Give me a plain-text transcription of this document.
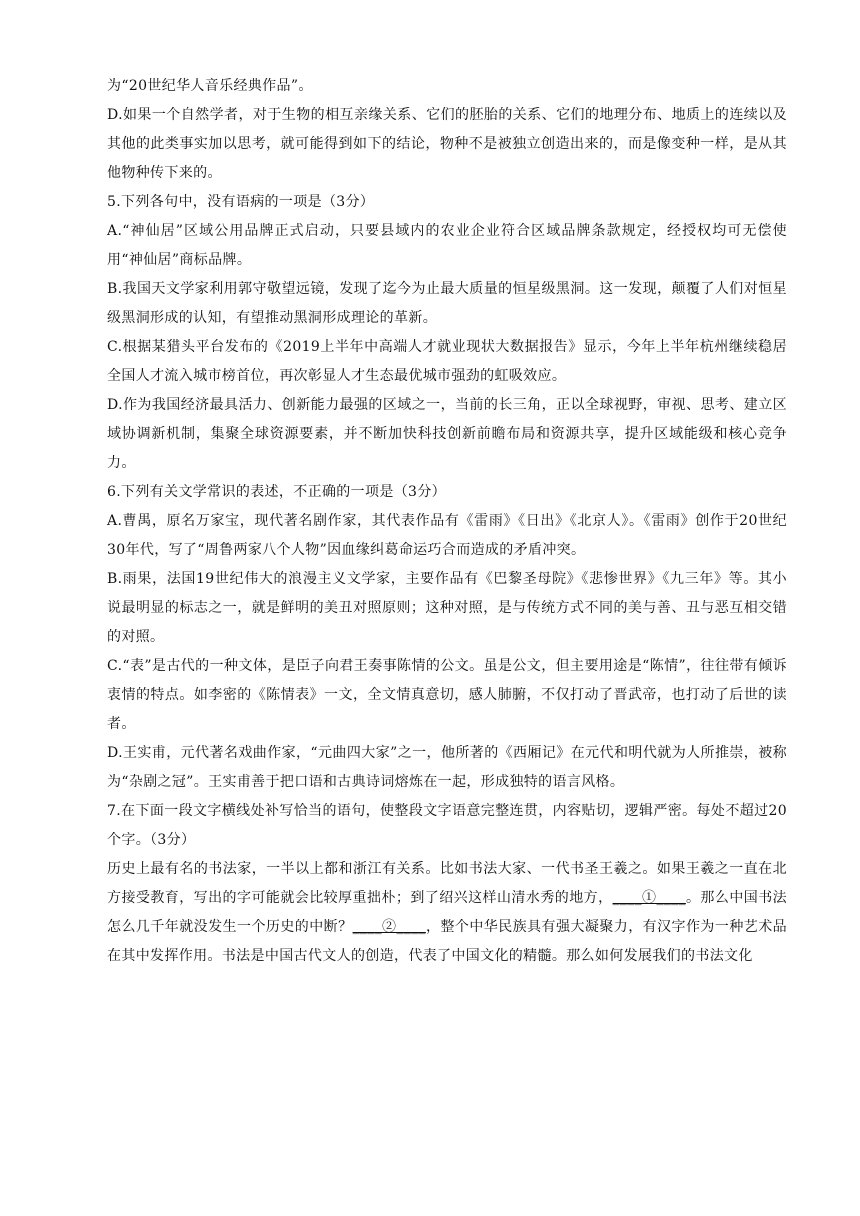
为“20世纪华人音乐经典作品”。

D.如果一个自然学者，对于生物的相互亲缘关系、它们的胚胎的关系、它们的地理分布、地质上的连续以及其他的此类事实加以思考，就可能得到如下的结论，物种不是被独立创造出来的，而是像变种一样，是从其他物种传下来的。

5.下列各句中，没有语病的一项是（3分）

A.“神仙居”区域公用品牌正式启动，只要县域内的农业企业符合区域品牌条款规定，经授权均可无偿使用“神仙居”商标品牌。

B.我国天文学家利用郭守敬望远镜，发现了迄今为止最大质量的恒星级黑洞。这一发现，颠覆了人们对恒星级黑洞形成的认知，有望推动黑洞形成理论的革新。

C.根据某猎头平台发布的《2019上半年中高端人才就业现状大数据报告》显示，今年上半年杭州继续稳居全国人才流入城市榜首位，再次彰显人才生态最优城市强劲的虹吸效应。

D.作为我国经济最具活力、创新能力最强的区域之一，当前的长三角，正以全球视野，审视、思考、建立区域协调新机制，集聚全球资源要素，并不断加快科技创新前瞻布局和资源共享，提升区域能级和核心竞争力。

6.下列有关文学常识的表述，不正确的一项是（3分）

A.曹禺，原名万家宝，现代著名剧作家，其代表作品有《雷雨》《日出》《北京人》。《雷雨》创作于20世纪30年代，写了“周鲁两家八个人物”因血缘纠葛命运巧合而造成的矛盾冲突。

B.雨果，法国19世纪伟大的浪漫主义文学家，主要作品有《巴黎圣母院》《悲惨世界》《九三年》等。其小说最明显的标志之一，就是鲜明的美丑对照原则；这种对照，是与传统方式不同的美与善、丑与恶互相交错的对照。

C.“表”是古代的一种文体，是臣子向君王奏事陈情的公文。虽是公文，但主要用途是“陈情”，往往带有倾诉衷情的特点。如李密的《陈情表》一文，全文情真意切，感人肺腑，不仅打动了晋武帝，也打动了后世的读者。

D.王实甫，元代著名戏曲作家，“元曲四大家”之一，他所著的《西厢记》在元代和明代就为人所推崇，被称为“杂剧之冠”。王实甫善于把口语和古典诗词熔炼在一起，形成独特的语言风格。

7.在下面一段文字横线处补写恰当的语句，使整段文字语意完整连贯，内容贴切，逻辑严密。每处不超过20个字。（3分）

历史上最有名的书法家，一半以上都和浙江有关系。比如书法大家、一代书圣王羲之。如果王羲之一直在北方接受教育，写出的字可能就会比较厚重拙朴；到了绍兴这样山清水秀的地方，____①____。那么中国书法怎么几千年就没发生一个历史的中断？____②____，整个中华民族具有强大凝聚力，有汉字作为一种艺术品在其中发挥作用。书法是中国古代文人的创造，代表了中国文化的精髓。那么如何发展我们的书法文化
